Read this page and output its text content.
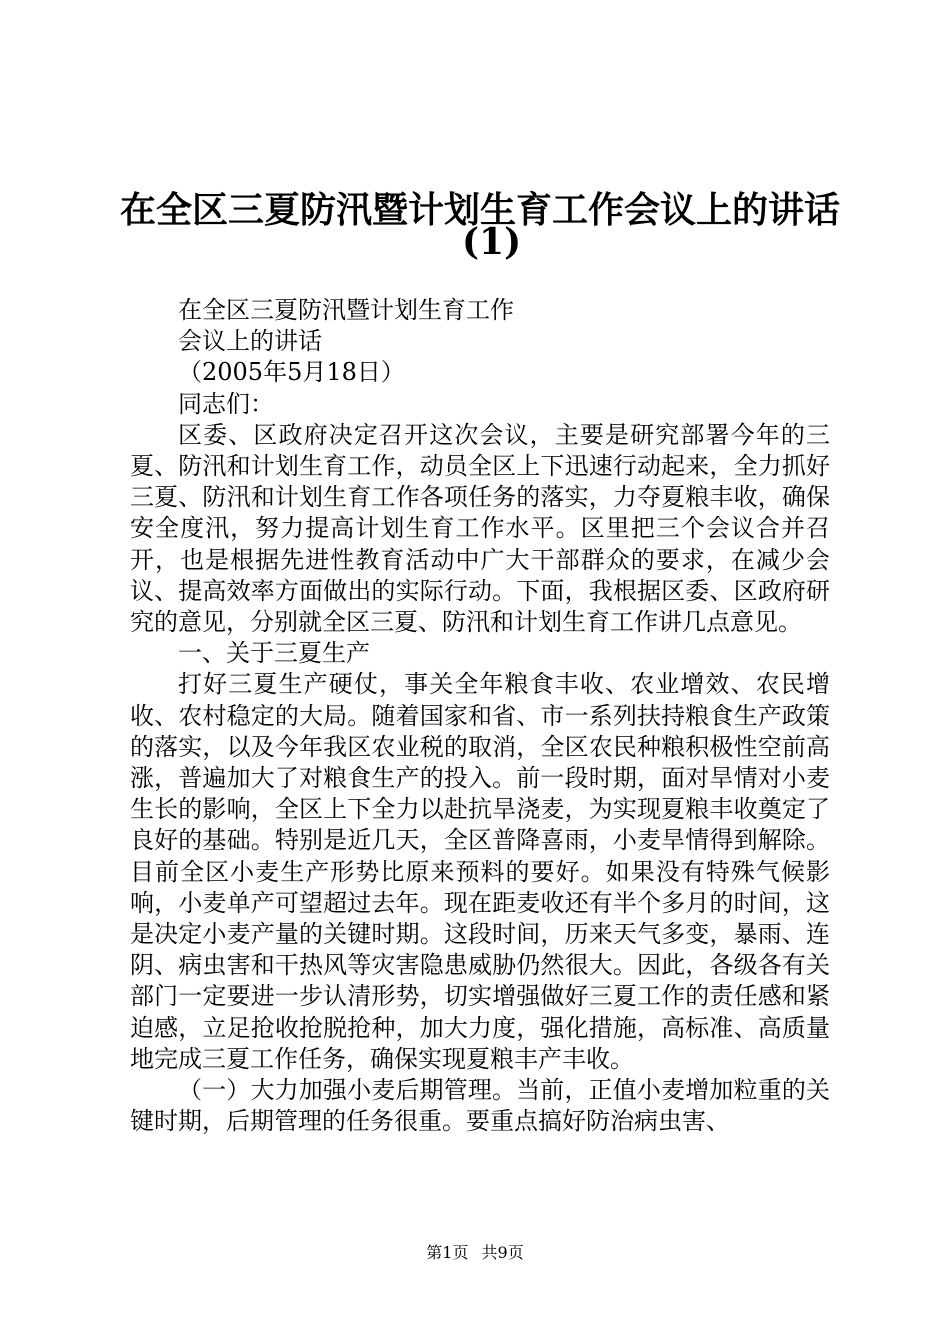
在全区三夏防汛暨计划生育工作会议上的讲话
(1)
在全区三夏防汛暨计划生育工作
会议上的讲话
（2005年5月18日）
同志们：

区委、区政府决定召开这次会议，主要是研究部署今年的三夏、防汛和计划生育工作，动员全区上下迅速行动起来，全力抓好三夏、防汛和计划生育工作各项任务的落实，力夺夏粮丰收，确保安全度汛，努力提高计划生育工作水平。区里把三个会议合并召开，也是根据先进性教育活动中广大干部群众的要求，在减少会议、提高效率方面做出的实际行动。下面，我根据区委、区政府研究的意见，分别就全区三夏、防汛和计划生育工作讲几点意见。

一、关于三夏生产

打好三夏生产硬仗，事关全年粮食丰收、农业增效、农民增收、农村稳定的大局。随着国家和省、市一系列扶持粮食生产政策的落实，以及今年我区农业税的取消，全区农民种粮积极性空前高涨，普遍加大了对粮食生产的投入。前一段时期，面对旱情对小麦生长的影响，全区上下全力以赴抗旱浇麦，为实现夏粮丰收奠定了良好的基础。特别是近几天，全区普降喜雨，小麦旱情得到解除。目前全区小麦生产形势比原来预料的要好。如果没有特殊气候影响，小麦单产可望超过去年。现在距麦收还有半个多月的时间，这是决定小麦产量的关键时期。这段时间，历来天气多变，暴雨、连阴、病虫害和干热风等灾害隐患威胁仍然很大。因此，各级各有关部门一定要进一步认清形势，切实增强做好三夏工作的责任感和紧迫感，立足抢收抢脱抢种，加大力度，强化措施，高标准、高质量地完成三夏工作任务，确保实现夏粮丰产丰收。

（一）大力加强小麦后期管理。当前，正值小麦增加粒重的关键时期，后期管理的任务很重。要重点搞好防治病虫害、

第1页 共9页
